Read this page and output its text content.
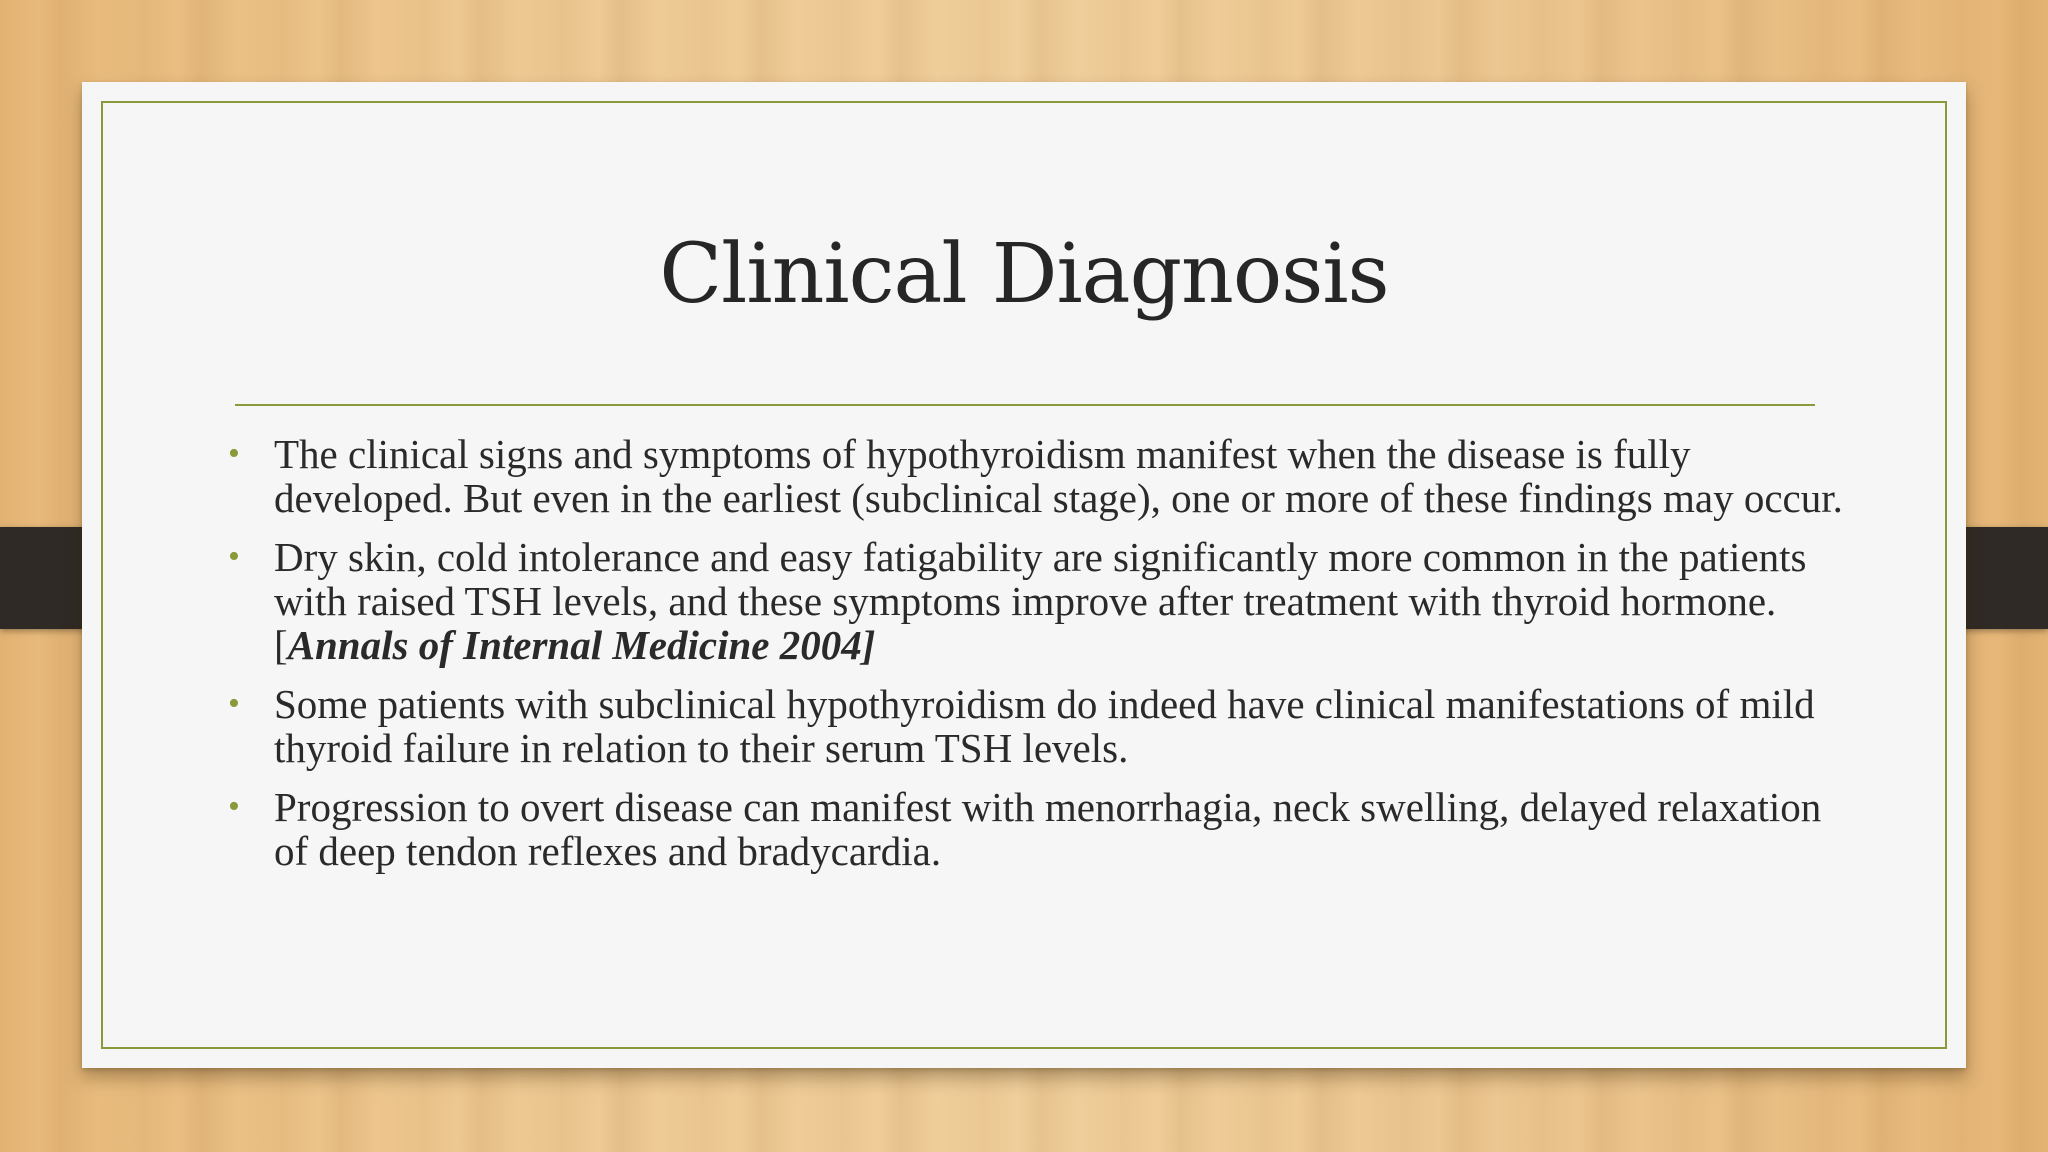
Clinical Diagnosis
• The clinical signs and symptoms of hypothyroidism manifest when the disease is fully developed. But even in the earliest (subclinical stage), one or more of these findings may occur.
• Dry skin, cold intolerance and easy fatigability are significantly more common in the patients with raised TSH levels, and these symptoms improve after treatment with thyroid hormone. [Annals of Internal Medicine 2004]
• Some patients with subclinical hypothyroidism do indeed have clinical manifestations of mild thyroid failure in relation to their serum TSH levels.
• Progression to overt disease can manifest with menorrhagia, neck swelling, delayed relaxation of deep tendon reflexes and bradycardia.
